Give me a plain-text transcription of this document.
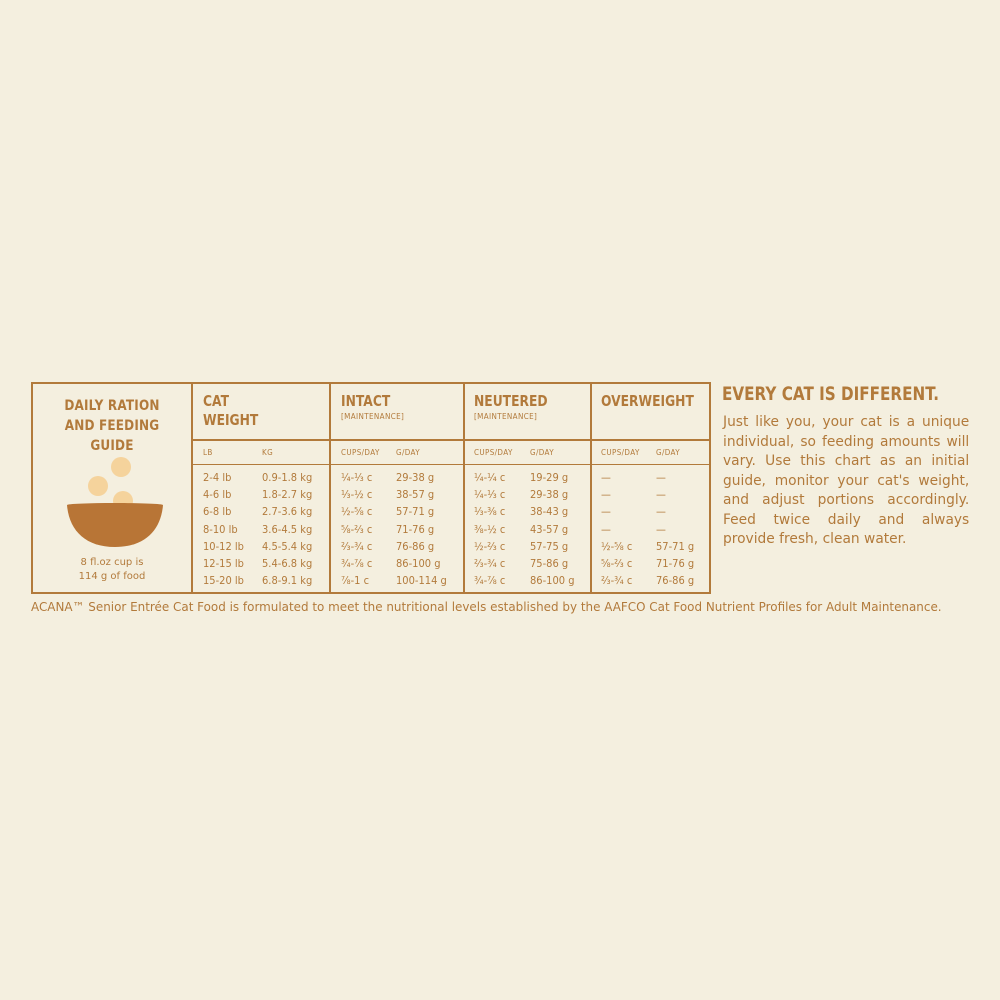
DAILY RATION
AND FEEDING GUIDE
8 fl.oz cup is
114 g of food
CAT
WEIGHT
INTACT
[MAINTENANCE]
NEUTERED
[MAINTENANCE]
OVERWEIGHT
LB	KG	CUPS/DAY G/DAY	CUPS/DAY G/DAY	CUPS/DAY G/DAY
2-4 lb	0.9-1.8 kg	¼-⅓ c 29-38 g	¼-¼ c 19-29 g	—	—
4-6 lb	1.8-2.7 kg	⅓-½ c 38-57 g	¼-⅓ c 29-38 g	—	—
6-8 lb	2.7-3.6 kg	½-⅝ c 57-71 g	⅓-⅜ c 38-43 g	—	—
8-10 lb 3.6-4.5 kg	⅝-⅔ c 71-76 g	⅜-½ c 43-57 g	—	—
10-12 lb 4.5-5.4 kg	⅔-¾ c 76-86 g	½-⅔ c 57-75 g	½-⅝ c 57-71 g
12-15 lb 5.4-6.8 kg	¾-⅞ c 86-100 g	⅔-¾ c 75-86 g	⅝-⅔ c 71-76 g
15-20 lb 6.8-9.1 kg	⅞-1 c 100-114 g ¾-⅞ c 86-100 g ⅔-¾ c 76-86 g
EVERY CAT IS DIFFERENT.
Just like you, your cat is a unique individual, so feeding amounts will vary. Use this chart as an initial guide, monitor your cat's weight, and adjust portions accordingly. Feed twice daily and always provide fresh, clean water.
ACANA™ Senior Entrée Cat Food is formulated to meet the nutritional levels established by the AAFCO Cat Food Nutrient Profiles for Adult Maintenance.
